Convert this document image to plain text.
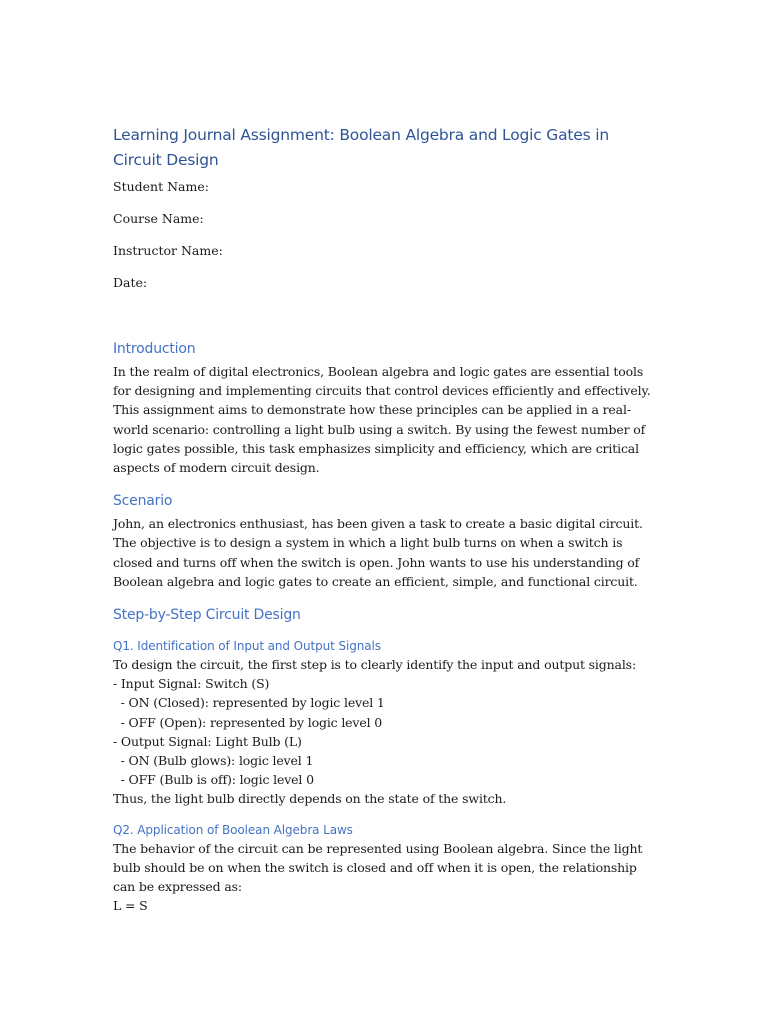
Learning Journal Assignment: Boolean Algebra and Logic Gates in Circuit Design

Student Name:

Course Name:

Instructor Name:

Date:

Introduction

In the realm of digital electronics, Boolean algebra and logic gates are essential tools for designing and implementing circuits that control devices efficiently and effectively. This assignment aims to demonstrate how these principles can be applied in a real-world scenario: controlling a light bulb using a switch. By using the fewest number of logic gates possible, this task emphasizes simplicity and efficiency, which are critical aspects of modern circuit design.

Scenario

John, an electronics enthusiast, has been given a task to create a basic digital circuit. The objective is to design a system in which a light bulb turns on when a switch is closed and turns off when the switch is open. John wants to use his understanding of Boolean algebra and logic gates to create an efficient, simple, and functional circuit.

Step-by-Step Circuit Design
Q1. Identification of Input and Output Signals

To design the circuit, the first step is to clearly identify the input and output signals:

- Input Signal: Switch (S)

- ON (Closed): represented by logic level 1

- OFF (Open): represented by logic level 0

- Output Signal: Light Bulb (L)

- ON (Bulb glows): logic level 1

- OFF (Bulb is off): logic level 0

Thus, the light bulb directly depends on the state of the switch.

Q2. Application of Boolean Algebra Laws

The behavior of the circuit can be represented using Boolean algebra. Since the light bulb should be on when the switch is closed and off when it is open, the relationship can be expressed as:

L = S
